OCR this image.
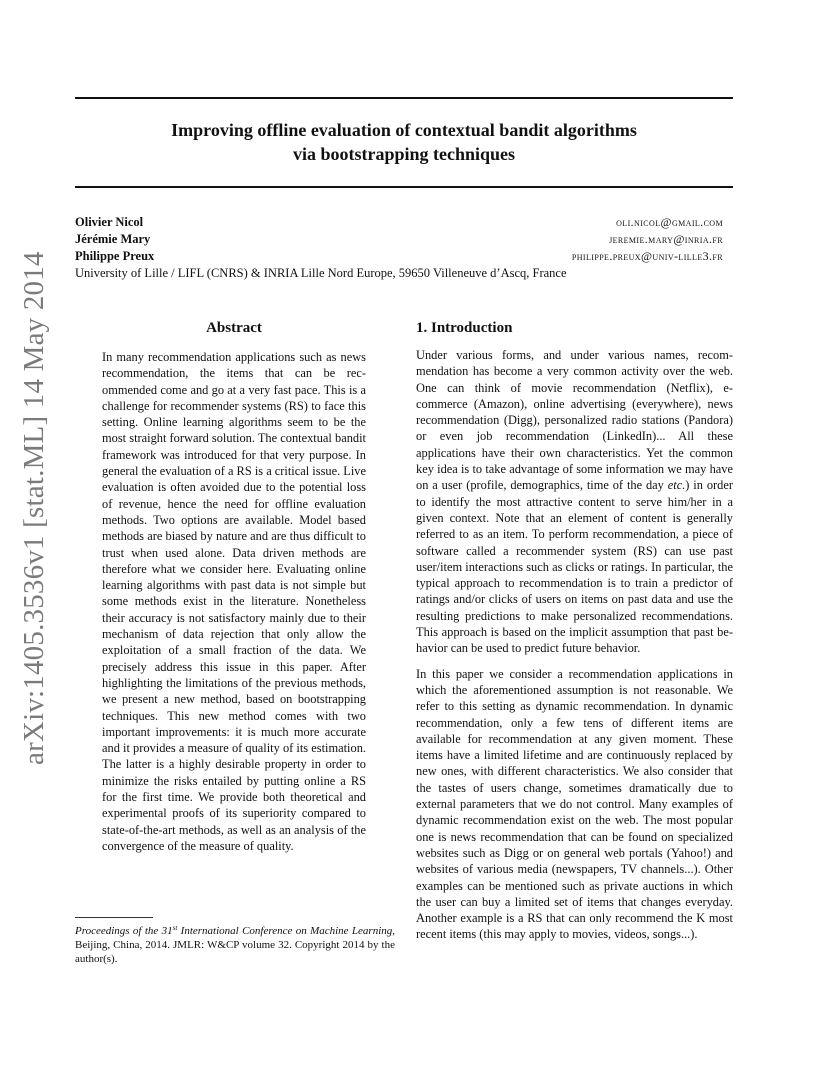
arXiv:1405.3536v1 [stat.ML] 14 May 2014
Improving offline evaluation of contextual bandit algorithms
via bootstrapping techniques
Olivier Nicol	oli.nicol@gmail.com
Jérémie Mary	jeremie.mary@inria.fr
Philippe Preux	philippe.preux@univ-lille3.fr
University of Lille / LIFL (CNRS) & INRIA Lille Nord Europe, 59650 Villeneuve d’Ascq, France
Abstract

In many recommendation applications such as news recommendation, the items that can be recommended come and go at a very fast pace. This is a challenge for recommender systems (RS) to face this setting. Online learning algorithms seem to be the most straight forward solution. The contextual bandit framework was introduced for that very purpose. In general the evaluation of a RS is a critical issue. Live evaluation is often avoided due to the potential loss of revenue, hence the need for offline evaluation methods. Two options are available. Model based methods are biased by nature and are thus difficult to trust when used alone. Data driven methods are therefore what we consider here. Evaluating online learning algorithms with past data is not simple but some methods exist in the literature. Nonetheless their accuracy is not satisfactory mainly due to their mechanism of data rejection that only allow the exploitation of a small fraction of the data. We precisely address this issue in this paper. After highlighting the limitations of the previous methods, we present a new method, based on bootstrapping techniques. This new method comes with two important improvements: it is much more accurate and it provides a measure of quality of its estimation. The latter is a highly desirable property in order to minimize the risks entailed by putting online a RS for the first time. We provide both theoretical and experimental proofs of its superiority compared to state-of-the-art methods, as well as an analysis of the convergence of the measure of quality.

1. Introduction

Under various forms, and under various names, recommendation has become a very common activity over the web. One can think of movie recommendation (Netflix), e-commerce (Amazon), online advertising (everywhere), news recommendation (Digg), personalized radio stations (Pandora) or even job recommendation (LinkedIn)... All these applications have their own characteristics. Yet the common key idea is to take advantage of some information we may have on a user (profile, demographics, time of the day etc.) in order to identify the most attractive content to serve him/her in a given context. Note that an element of content is generally referred to as an item. To perform recommendation, a piece of software called a recommender system (RS) can use past user/item interactions such as clicks or ratings. In particular, the typical approach to recommendation is to train a predictor of ratings and/or clicks of users on items on past data and use the resulting predictions to make personalized recommendations. This approach is based on the implicit assumption that past behavior can be used to predict future behavior.

In this paper we consider a recommendation applications in which the aforementioned assumption is not reasonable. We refer to this setting as dynamic recommendation. In dynamic recommendation, only a few tens of different items are available for recommendation at any given moment. These items have a limited lifetime and are continuously replaced by new ones, with different characteristics. We also consider that the tastes of users change, sometimes dramatically due to external parameters that we do not control. Many examples of dynamic recommendation exist on the web. The most popular one is news recommendation that can be found on specialized websites such as Digg or on general web portals (Yahoo!) and websites of various media (newspapers, TV channels...). Other examples can be mentioned such as private auctions in which the user can buy a limited set of items that changes everyday. Another example is a RS that can only recommend the K most recent items (this may apply to movies, videos, songs...).

Proceedings of the 31st International Conference on Machine Learning, Beijing, China, 2014. JMLR: W&CP volume 32. Copyright 2014 by the author(s).
